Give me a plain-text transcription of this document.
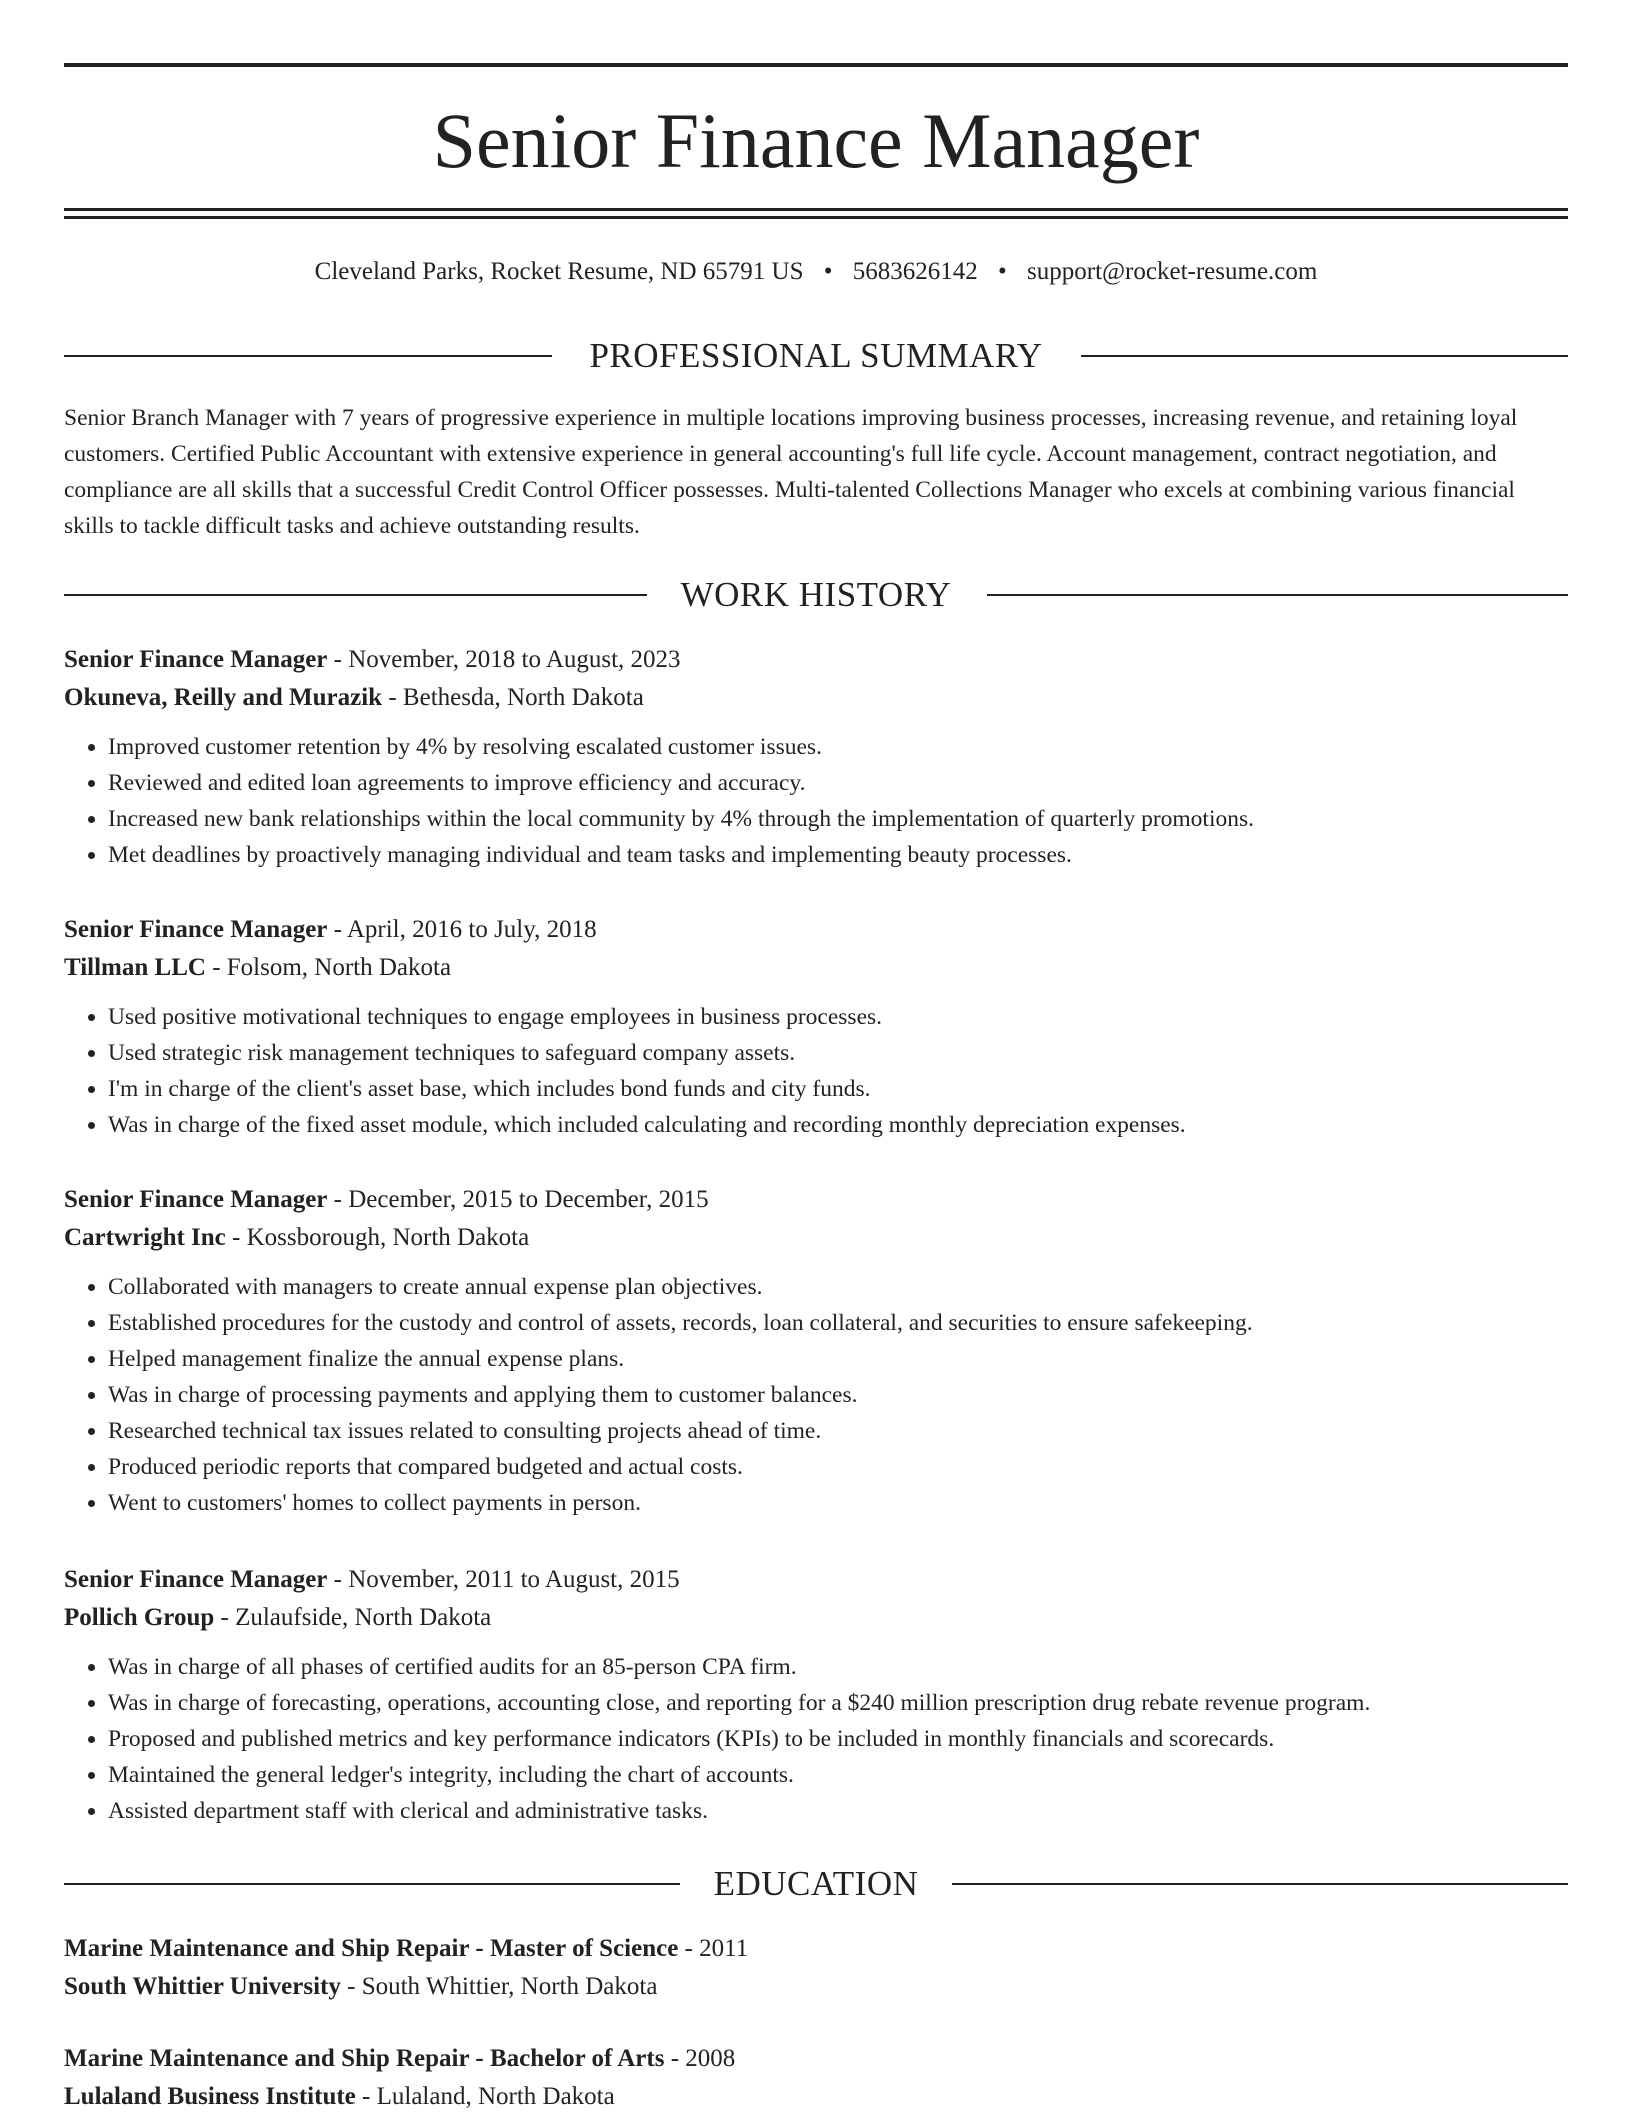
Senior Finance Manager
Cleveland Parks, Rocket Resume, ND 65791 US • 5683626142 • support@rocket-resume.com
PROFESSIONAL SUMMARY

Senior Branch Manager with 7 years of progressive experience in multiple locations improving business processes, increasing revenue, and retaining loyal customers. Certified Public Accountant with extensive experience in general accounting's full life cycle. Account management, contract negotiation, and compliance are all skills that a successful Credit Control Officer possesses. Multi-talented Collections Manager who excels at combining various financial skills to tackle difficult tasks and achieve outstanding results.

WORK HISTORY
Senior Finance Manager - November, 2018 to August, 2023
Okuneva, Reilly and Murazik - Bethesda, North Dakota
• Improved customer retention by 4% by resolving escalated customer issues.
• Reviewed and edited loan agreements to improve efficiency and accuracy.
• Increased new bank relationships within the local community by 4% through the implementation of quarterly promotions.
• Met deadlines by proactively managing individual and team tasks and implementing beauty processes.
Senior Finance Manager - April, 2016 to July, 2018
Tillman LLC - Folsom, North Dakota
• Used positive motivational techniques to engage employees in business processes.
• Used strategic risk management techniques to safeguard company assets.
• I'm in charge of the client's asset base, which includes bond funds and city funds.
• Was in charge of the fixed asset module, which included calculating and recording monthly depreciation expenses.
Senior Finance Manager - December, 2015 to December, 2015
Cartwright Inc - Kossborough, North Dakota
• Collaborated with managers to create annual expense plan objectives.
• Established procedures for the custody and control of assets, records, loan collateral, and securities to ensure safekeeping.
• Helped management finalize the annual expense plans.
• Was in charge of processing payments and applying them to customer balances.
• Researched technical tax issues related to consulting projects ahead of time.
• Produced periodic reports that compared budgeted and actual costs.
• Went to customers' homes to collect payments in person.
Senior Finance Manager - November, 2011 to August, 2015
Pollich Group - Zulaufside, North Dakota
• Was in charge of all phases of certified audits for an 85-person CPA firm.
• Was in charge of forecasting, operations, accounting close, and reporting for a $240 million prescription drug rebate revenue program.
• Proposed and published metrics and key performance indicators (KPIs) to be included in monthly financials and scorecards.
• Maintained the general ledger's integrity, including the chart of accounts.
• Assisted department staff with clerical and administrative tasks.
EDUCATION
Marine Maintenance and Ship Repair - Master of Science - 2011
South Whittier University - South Whittier, North Dakota
Marine Maintenance and Ship Repair - Bachelor of Arts - 2008
Lulaland Business Institute - Lulaland, North Dakota
